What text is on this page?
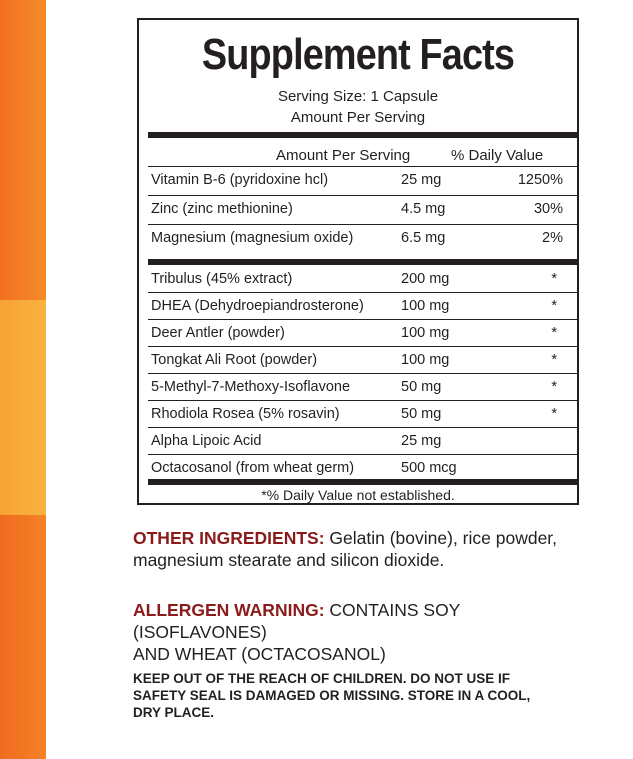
Supplement Facts
Serving Size: 1 Capsule
Amount Per Serving
Amount Per Serving	% Daily Value
Vitamin B-6 (pyridoxine hcl)	25 mg	1250%
Zinc (zinc methionine)	4.5 mg	30%
Magnesium (magnesium oxide)	6.5 mg	2%
Tribulus (45% extract)	200 mg	*
DHEA (Dehydroepiandrosterone)	100 mg	*
Deer Antler (powder)	100 mg	*
Tongkat Ali Root (powder)	100 mg	*
5-Methyl-7-Methoxy-Isoflavone	50 mg	*
Rhodiola Rosea (5% rosavin)	50 mg	*
Alpha Lipoic Acid	25 mg
Octacosanol (from wheat germ)	500 mcg
*% Daily Value not established.
OTHER INGREDIENTS: Gelatin (bovine), rice powder,
magnesium stearate and silicon dioxide.
ALLERGEN WARNING: CONTAINS SOY (ISOFLAVONES)
AND WHEAT (OCTACOSANOL)
KEEP OUT OF THE REACH OF CHILDREN. DO NOT USE IF
SAFETY SEAL IS DAMAGED OR MISSING. STORE IN A COOL,
DRY PLACE.
